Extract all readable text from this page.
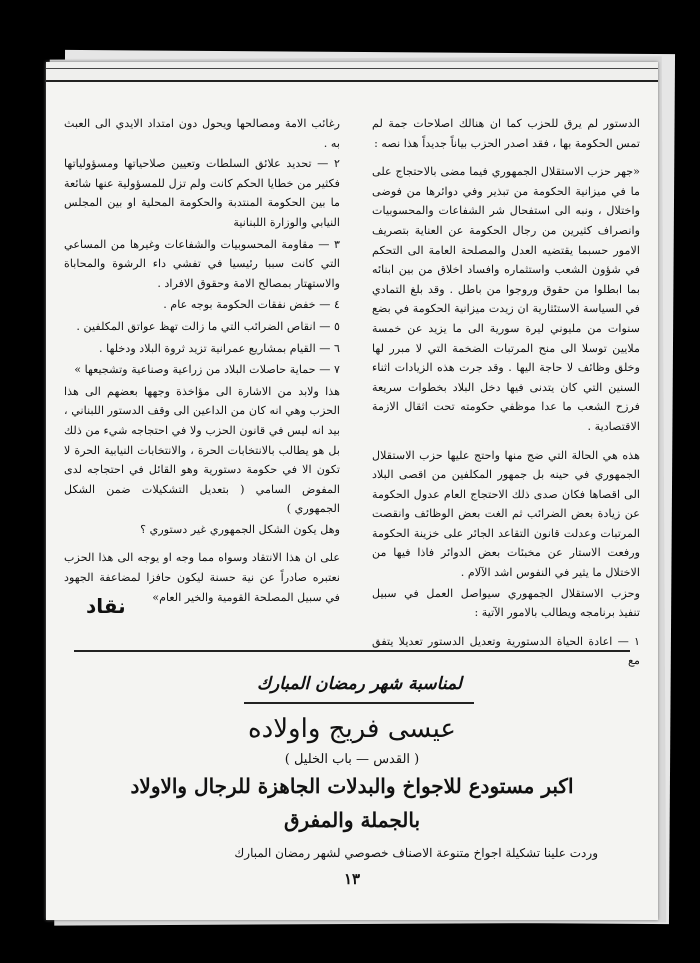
الدستور لم يرق للحزب كما ان هنالك اصلاحات جمة لم تمس الحكومة بها ، فقد اصدر الحزب بياناً جديداً هذا نصه :

«جهر حزب الاستقلال الجمهوري فيما مضى بالاحتجاج على ما في ميزانية الحكومة من تبذير وفي دوائرها من فوضى واختلال ، ونبه الى استفحال شر الشفاعات والمحسوبيات وانصراف كثيرين من رجال الحكومة عن العناية بتصريف الامور حسبما يقتضيه العدل والمصلحة العامة الى التحكم في شؤون الشعب واستثماره وافساد اخلاق من بين ابنائه بما ابطلوا من حقوق وروجوا من باطل . وقد بلغ التمادي في السياسة الاستئثارية ان زيدت ميزانية الحكومة في بضع سنوات من مليوني ليرة سورية الى ما يزيد عن خمسة ملايين توسلا الى منح المرتبات الضخمة التي لا مبرر لها وخلق وظائف لا حاجة اليها . وقد جرت هذه الزيادات اثناء السنين التي كان يتدنى فيها دخل البلاد بخطوات سريعة فرزح الشعب ما عدا موظفي حكومته تحت اثقال الازمة الاقتصادية .

هذه هي الحالة التي ضج منها واحتج عليها حزب الاستقلال الجمهوري في حينه بل جمهور المكلفين من اقصى البلاد الى اقصاها فكان صدى ذلك الاحتجاج العام عدول الحكومة عن زيادة بعض الضرائب ثم الغت بعض الوظائف وانقصت المرتبات وعدلت قانون التقاعد الجائر على خزينة الحكومة ورفعت الاستار عن مخبئات بعض الدوائر فاذا فيها من الاختلال ما يثير في النفوس اشد الآلام .

وحزب الاستقلال الجمهوري سيواصل العمل في سبيل تنفيذ برنامجه ويطالب بالامور الآتية :

١ — اعادة الحياة الدستورية وتعديل الدستور تعديلا يتفق مع

رغائب الامة ومصالحها ويحول دون امتداد الايدي الى العبث به .

٢ — تحديد علائق السلطات وتعيين صلاحياتها ومسؤولياتها فكثير من خطايا الحكم كانت ولم تزل للمسؤولية عنها شائعة ما بين الحكومة المنتدبة والحكومة المحلية او بين المجلس النيابي والوزارة اللبنانية

٣ — مقاومة المحسوبيات والشفاعات وغيرها من المساعي التي كانت سببا رئيسيا في تفشي داء الرشوة والمحاباة والاستهتار بمصالح الامة وحقوق الافراد .

٤ — خفض نفقات الحكومة بوجه عام .

٥ — انقاص الضرائب التي ما زالت تهظ عواتق المكلفين .

٦ — القيام بمشاريع عمرانية تزيد ثروة البلاد ودخلها .

٧ — حماية حاصلات البلاد من زراعية وصناعية وتشجيعها »

هذا ولابد من الاشارة الى مؤاخذة وجهها بعضهم الى هذا الحزب وهي انه كان من الداعين الى وقف الدستور اللبناني ، بيد انه ليس في قانون الحزب ولا في احتجاجه شيء من ذلك بل هو يطالب بالانتخابات الحرة ، والانتخابات النيابية الحرة لا تكون الا في حكومة دستورية وهو القائل في احتجاجه لدى المفوض السامي ( بتعديل التشكيلات ضمن الشكل الجمهوري )

وهل يكون الشكل الجمهوري غير دستوري ؟

على ان هذا الانتقاد وسواه مما وجه او يوجه الى هذا الحزب نعتبره صادراً عن نية حسنة ليكون حافزا لمضاعفة الجهود في سبيل المصلحة القومية والخير العام»

نقاد
لمناسبة شهر رمضان المبارك
عيسى فريج واولاده
( القدس — باب الخليل )
اكبر مستودع للاجواخ والبدلات الجاهزة للرجال والاولاد
بالجملة والمفرق
وردت علينا تشكيلة اجواخ متنوعة الاصناف خصوصي لشهر رمضان المبارك
١٣
